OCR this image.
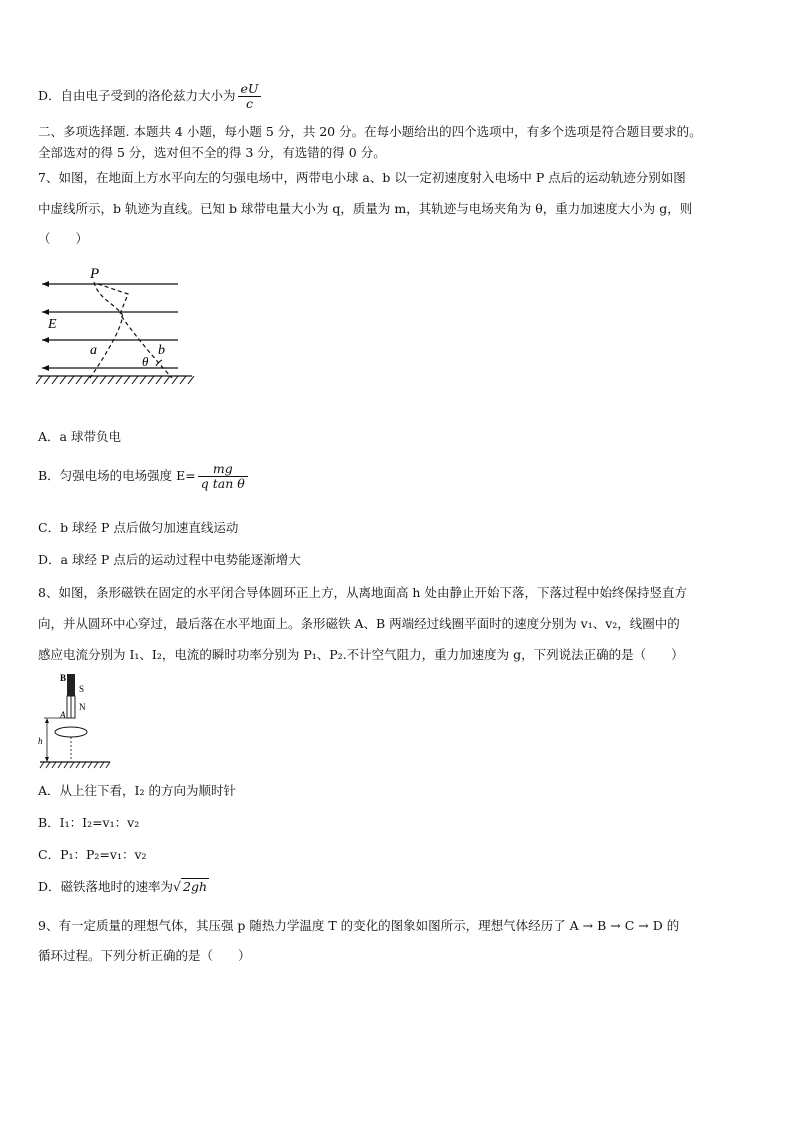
D．自由电子受到的洛伦兹力大小为 $\frac{eU}{c}$
二、多项选择题. 本题共 4 小题，每小题 5 分，共 20 分。在每小题给出的四个选项中，有多个选项是符合题目要求的。
全部选对的得 5 分，选对但不全的得 3 分，有选错的得 0 分。
7、如图，在地面上方水平向左的匀强电场中，两带电小球 a、b 以一定初速度射入电场中 P 点后的运动轨迹分别如图
中虚线所示，b 轨迹为直线。已知 b 球带电量大小为 q，质量为 m，其轨迹与电场夹角为 θ，重力加速度大小为 g，则
（　　）
P
E
a	b
θ
A．a 球带负电
B．匀强电场的电场强度 $E= \frac{mg}{\text{q tan θ}}$
C．b 球经 P 点后做匀加速直线运动
D．a 球经 P 点后的运动过程中电势能逐渐增大
8、如图，条形磁铁在固定的水平闭合导体圆环正上方，从离地面高 h 处由静止开始下落，下落过程中始终保持竖直方
向，并从圆环中心穿过，最后落在水平地面上。条形磁铁 A、B 两端经过线圈平面时的速度分别为 v₁、v₂，线圈中的
感应电流分别为 I₁、I₂，电流的瞬时功率分别为 P₁、P₂.不计空气阻力，重力加速度为 g，下列说法正确的是（　　）
B
S
N
A
h
A．从上往下看，I₂ 的方向为顺时针
B．I₁：I₂=v₁：v₂
C．P₁：P₂=v₁：v₂
D．磁铁落地时的速率为√ 2gh
9、有一定质量的理想气体，其压强 p 随热力学温度 T 的变化的图象如图所示，理想气体经历了 A → B → C → D 的
循环过程。下列分析正确的是（　　）
